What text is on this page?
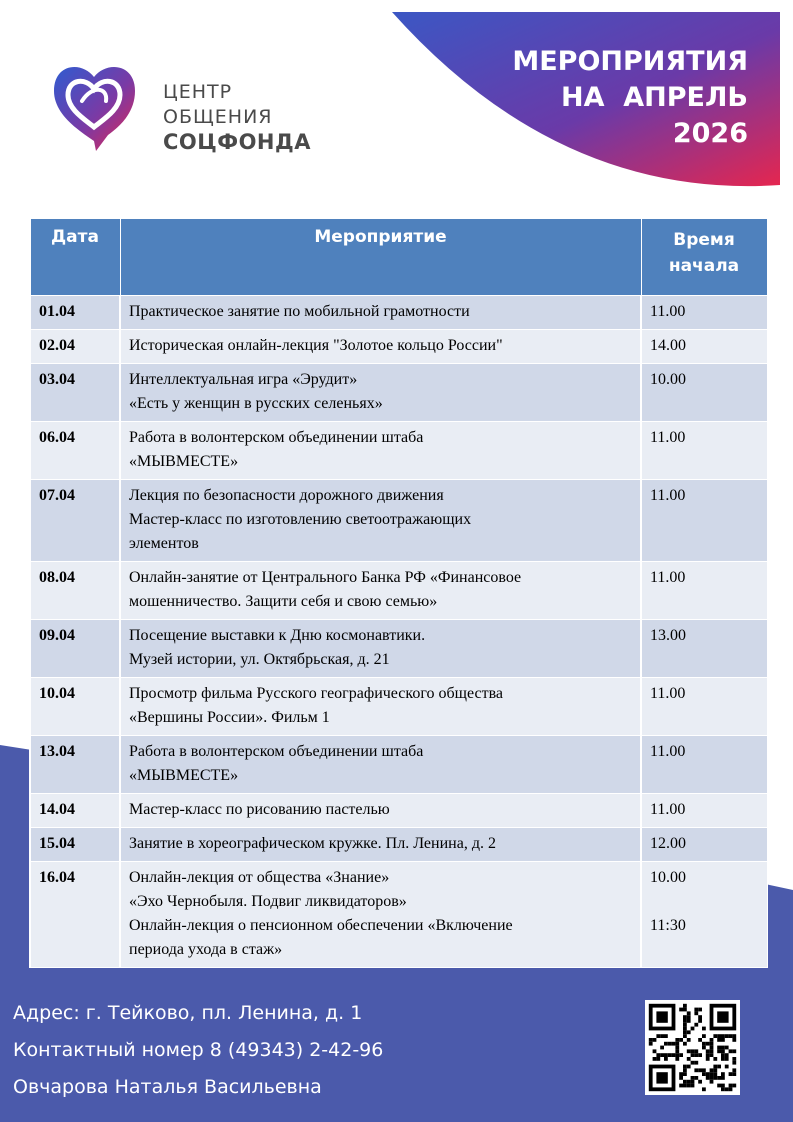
ЦЕНТР
ОБЩЕНИЯ
СОЦФОНДА
МЕРОПРИЯТИЯ
НА  АПРЕЛЬ
2026
Дата	Мероприятие	Время
начала
01.04	Практическое занятие по мобильной грамотности	11.00
02.04	Историческая онлайн-лекция "Золотое кольцо России"	14.00
03.04	Интеллектуальная игра «Эрудит»
«Есть у женщин в русских селеньях»	10.00
06.04	Работа в волонтерском объединении штаба
«МЫВМЕСТЕ»	11.00
07.04	Лекция по безопасности дорожного движения
Мастер-класс по изготовлению светоотражающих
элементов	11.00
08.04	Онлайн-занятие от Центрального Банка РФ «Финансовое
мошенничество. Защити себя и свою семью»	11.00
09.04	Посещение выставки к Дню космонавтики.
Музей истории, ул. Октябрьская, д. 21	13.00
10.04	Просмотр фильма Русского географического общества
«Вершины России». Фильм 1	11.00
13.04	Работа в волонтерском объединении штаба
«МЫВМЕСТЕ»	11.00
14.04	Мастер-класс по рисованию пастелью	11.00
15.04	Занятие в хореографическом кружке. Пл. Ленина, д. 2	12.00
16.04	Онлайн-лекция от общества «Знание»
«Эхо Чернобыля. Подвиг ликвидаторов»
Онлайн-лекция о пенсионном обеспечении «Включение
периода ухода в стаж»	10.00
11:30
Адрес: г. Тейково, пл. Ленина, д. 1
Контактный номер 8 (49343) 2-42-96
Овчарова Наталья Васильевна
